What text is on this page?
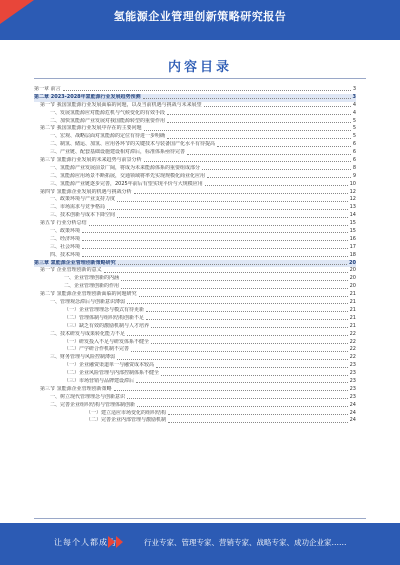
氢能源企业管理创新策略研究报告
内容目录
第一章 前言	3
第二章 2023-2028年氢能源行业发展趋势预测	3
第一节 我国氢能源行业发展面临的问题，以及当前机遇与挑战与未来展望	4
一、发展氢能源应对能源危机与气候变化的有效手段	4
二、加快氢能源产业发展对我国能源转型的重要作用	5
第二节 我国氢能源行业发展中存在的主要问题	5
一、宏观、战略层面对氢能源的定位有待进一步明确	5
二、制氢、储运、加氢、应用各环节的关键技术与装备国产化水平有待提高	6
三、产业链、配套基础设施建设相对滞后，标准体系亟待完善	6
第三节 氢能源行业发展的未来趋势与前景分析	6
一、氢能源产业发展前景广阔，将成为未来能源体系的重要组成部分	8
二、氢能源应用场景不断拓展，交通领域将率先实现规模化商业化应用	9
三、氢能源产业链逐步完善，2025年前后有望实现平价与大规模应用	10
第四节 氢能源企业发展的机遇与挑战分析	12
一、政策环境与产业支持力度	12
二、市场需求与竞争格局	13
三、技术创新与成本下降空间	14
第五节 行业分析总结	15
一、政策环境	15
二、经济环境	16
三、社会环境	17
四、技术环境	18
第三章 氢能源企业管理创新策略研究	20
第一节 企业管理创新的意义	20
一、企业管理创新的内涵	20
二、企业管理创新的作用	20
第二节 氢能源企业管理创新面临的问题研究	21
一、管理观念滞后与创新意识薄弱	21
（一）企业管理理念与模式有待更新	21
（二）管理体制与组织结构创新不足	21
（三）缺乏有效的激励机制与人才培养	21
二、技术研发与成果转化能力不足	22
（一）研发投入不足与研发体系不健全	22
（二）产学研合作机制不完善	22
三、财务管理与风险控制薄弱	22
（一）企业融资渠道单一与融资成本较高	23
（二）企业风险管理与内部控制体系不健全	23
（三）市场营销与品牌建设滞后	23
第三节 氢能源企业管理创新策略	23
一、树立现代管理理念与创新意识	23
二、完善企业组织结构与管理体制创新	24
（一）建立适应市场变化的组织结构	24
（二）完善企业内部管理与激励机制	24
让每个人都成为	行业专家、管理专家、营销专家、战略专家、成功企业家……
